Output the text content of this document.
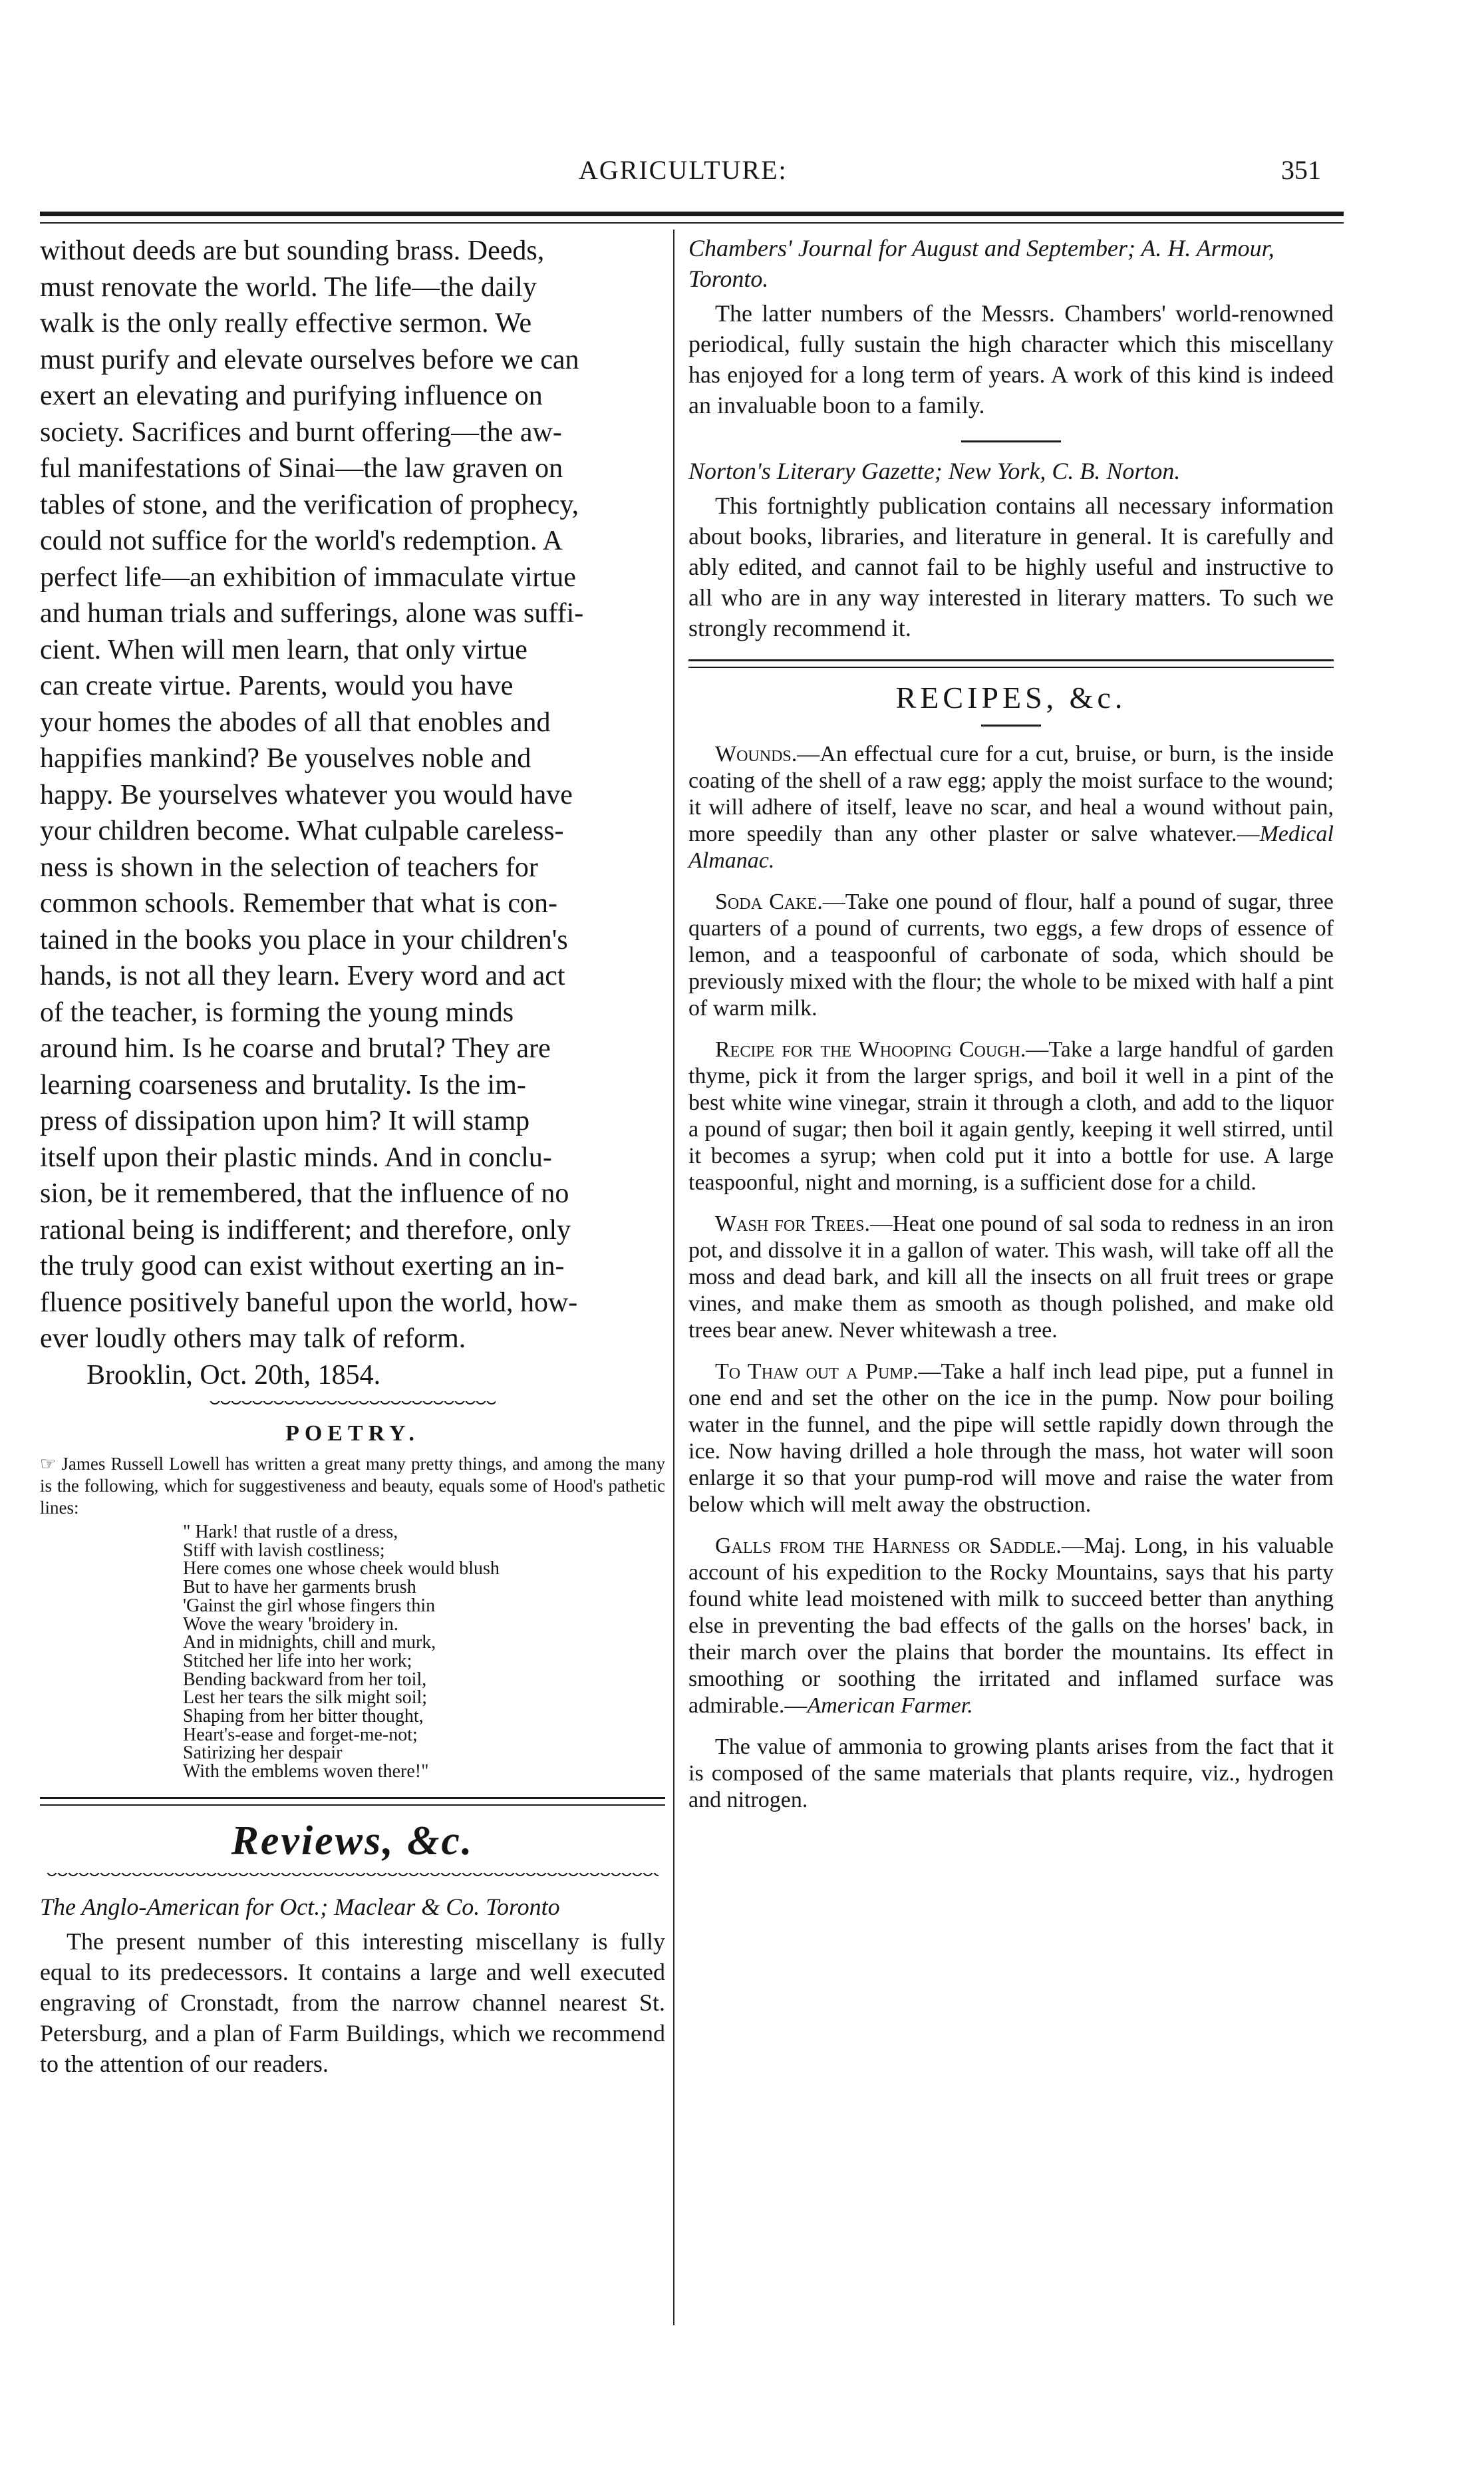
AGRICULTURE:	351

without deeds are but sounding brass. Deeds,

must renovate the world. The life—the daily

walk is the only really effective sermon. We

must purify and elevate ourselves before we can

exert an elevating and purifying influence on

society. Sacrifices and burnt offering—the aw-

ful manifestations of Sinai—the law graven on

tables of stone, and the verification of prophecy,

could not suffice for the world's redemption. A

perfect life—an exhibition of immaculate virtue

and human trials and sufferings, alone was suffi-

cient. When will men learn, that only virtue

can create virtue. Parents, would you have

your homes the abodes of all that enobles and

happifies mankind? Be youselves noble and

happy. Be yourselves whatever you would have

your children become. What culpable careless-

ness is shown in the selection of teachers for

common schools. Remember that what is con-

tained in the books you place in your children's

hands, is not all they learn. Every word and act

of the teacher, is forming the young minds

around him. Is he coarse and brutal? They are

learning coarseness and brutality. Is the im-

press of dissipation upon him? It will stamp

itself upon their plastic minds. And in conclu-

sion, be it remembered, that the influence of no

rational being is indifferent; and therefore, only

the truly good can exist without exerting an in-

fluence positively baneful upon the world, how-

ever loudly others may talk of reform.

Brooklin, Oct. 20th, 1854.

POETRY.

☞ James Russell Lowell has written a great many pretty things, and among the many is the following, which for suggestiveness and beauty, equals some of Hood's pathetic lines:

" Hark! that rustle of a dress,
Stiff with lavish costliness;
Here comes one whose cheek would blush
But to have her garments brush
'Gainst the girl whose fingers thin
Wove the weary 'broidery in.
And in midnights, chill and murk,
Stitched her life into her work;
Bending backward from her toil,
Lest her tears the silk might soil;
Shaping from her bitter thought,
Heart's-ease and forget-me-not;
Satirizing her despair
With the emblems woven there!"
Reviews, &c.

The Anglo-American for Oct.; Maclear & Co. Toronto

The present number of this interesting miscellany is fully equal to its predecessors. It contains a large and well executed engraving of Cronstadt, from the narrow channel nearest St. Petersburg, and a plan of Farm Buildings, which we recommend to the attention of our readers.

Chambers' Journal for August and September; A. H. Armour, Toronto.

The latter numbers of the Messrs. Chambers' world-renowned periodical, fully sustain the high character which this miscellany has enjoyed for a long term of years. A work of this kind is indeed an invaluable boon to a family.

Norton's Literary Gazette; New York, C. B. Norton.

This fortnightly publication contains all necessary information about books, libraries, and literature in general. It is carefully and ably edited, and cannot fail to be highly useful and instructive to all who are in any way interested in literary matters. To such we strongly recommend it.

RECIPES, &c.

Wounds.—An effectual cure for a cut, bruise, or burn, is the inside coating of the shell of a raw egg; apply the moist surface to the wound; it will adhere of itself, leave no scar, and heal a wound without pain, more speedily than any other plaster or salve whatever.—Medical Almanac.

Soda Cake.—Take one pound of flour, half a pound of sugar, three quarters of a pound of currents, two eggs, a few drops of essence of lemon, and a teaspoonful of carbonate of soda, which should be previously mixed with the flour; the whole to be mixed with half a pint of warm milk.

Recipe for the Whooping Cough.—Take a large handful of garden thyme, pick it from the larger sprigs, and boil it well in a pint of the best white wine vinegar, strain it through a cloth, and add to the liquor a pound of sugar; then boil it again gently, keeping it well stirred, until it becomes a syrup; when cold put it into a bottle for use. A large teaspoonful, night and morning, is a sufficient dose for a child.

Wash for Trees.—Heat one pound of sal soda to redness in an iron pot, and dissolve it in a gallon of water. This wash, will take off all the moss and dead bark, and kill all the insects on all fruit trees or grape vines, and make them as smooth as though polished, and make old trees bear anew. Never whitewash a tree.

To Thaw out a Pump.—Take a half inch lead pipe, put a funnel in one end and set the other on the ice in the pump. Now pour boiling water in the funnel, and the pipe will settle rapidly down through the ice. Now having drilled a hole through the mass, hot water will soon enlarge it so that your pump-rod will move and raise the water from below which will melt away the obstruction.

Galls from the Harness or Saddle.—Maj. Long, in his valuable account of his expedition to the Rocky Mountains, says that his party found white lead moistened with milk to succeed better than anything else in preventing the bad effects of the galls on the horses' back, in their march over the plains that border the mountains. Its effect in smoothing or soothing the irritated and inflamed surface was admirable.—American Farmer.

The value of ammonia to growing plants arises from the fact that it is composed of the same materials that plants require, viz., hydrogen and nitrogen.
